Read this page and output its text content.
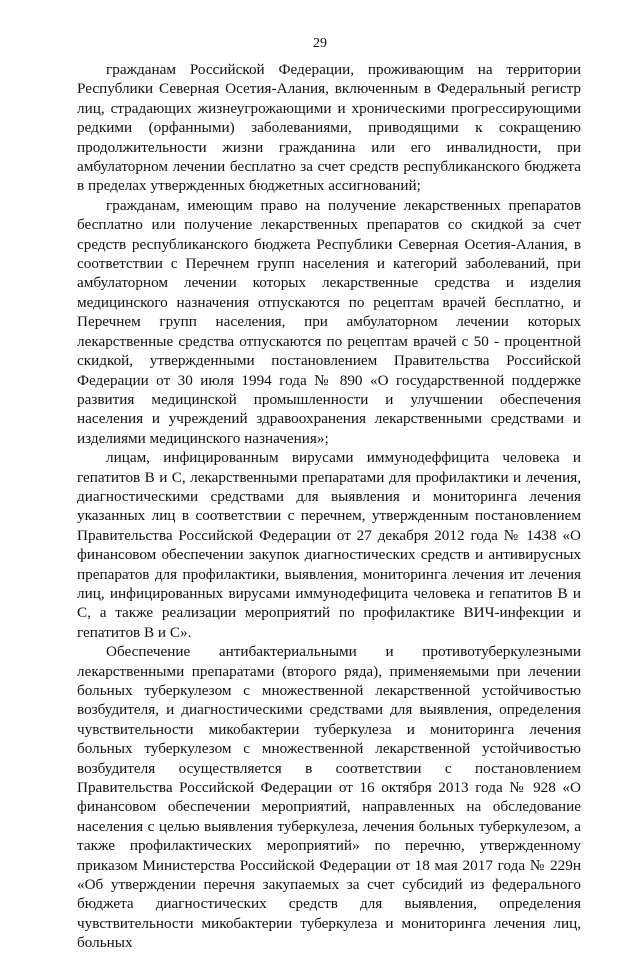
29

гражданам Российской Федерации, проживающим на территории Республики Северная Осетия-Алания, включенным в Федеральный регистр лиц, страдающих жизнеугрожающими и хроническими прогрессирующими редкими (орфанными) заболеваниями, приводящими к сокращению продолжительности жизни гражданина или его инвалидности, при амбулаторном лечении бесплатно за счет средств республиканского бюджета в пределах утвержденных бюджетных ассигнований;

гражданам, имеющим право на получение лекарственных препаратов бесплатно или получение лекарственных препаратов со скидкой за счет средств республиканского бюджета Республики Северная Осетия-Алания, в соответствии с Перечнем групп населения и категорий заболеваний, при амбулаторном лечении которых лекарственные средства и изделия медицинского назначения отпускаются по рецептам врачей бесплатно, и Перечнем групп населения, при амбулаторном лечении которых лекарственные средства отпускаются по рецептам врачей с 50 - процентной скидкой, утвержденными постановлением Правительства Российской Федерации от 30 июля 1994 года № 890 «О государственной поддержке развития медицинской промышленности и улучшении обеспечения населения и учреждений здравоохранения лекарственными средствами и изделиями медицинского назначения»;

лицам, инфицированным вирусами иммунодеффицита человека и гепатитов В и С, лекарственными препаратами для профилактики и лечения, диагностическими средствами для выявления и мониторинга лечения указанных лиц в соответствии с перечнем, утвержденным постановлением Правительства Российской Федерации от 27 декабря 2012 года № 1438 «О финансовом обеспечении закупок диагностических средств и антивирусных препаратов для профилактики, выявления, мониторинга лечения ит лечения лиц, инфицированных вирусами иммунодефицита человека и гепатитов В и С, а также реализации мероприятий по профилактике ВИЧ-инфекции и гепатитов В и С».

Обеспечение антибактериальными и противотуберкулезными лекарственными препаратами (второго ряда), применяемыми при лечении больных туберкулезом с множественной лекарственной устойчивостью возбудителя, и диагностическими средствами для выявления, определения чувствительности микобактерии туберкулеза и мониторинга лечения больных туберкулезом с множественной лекарственной устойчивостью возбудителя осуществляется в соответствии с постановлением Правительства Российской Федерации от 16 октября 2013 года № 928 «О финансовом обеспечении мероприятий, направленных на обследование населения с целью выявления туберкулеза, лечения больных туберкулезом, а также профилактических мероприятий» по перечню, утвержденному приказом Министерства Российской Федерации от 18 мая 2017 года № 229н «Об утверждении перечня закупаемых за счет субсидий из федерального бюджета диагностических средств для выявления, определения чувствительности микобактерии туберкулеза и мониторинга лечения лиц, больных
